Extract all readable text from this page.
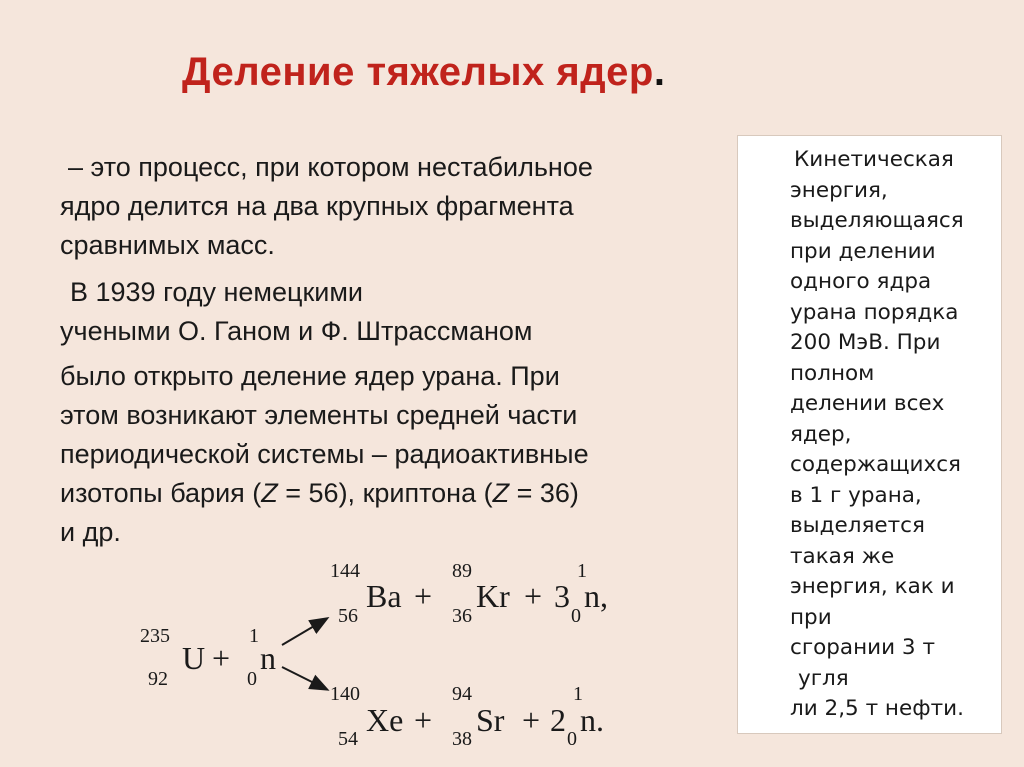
Деление тяжелых ядер.

– это процесс, при котором нестабильное
ядро делится на два крупных фрагмента
сравнимых масс.

В 1939 году немецкими
учеными О. Ганом и Ф. Штрассманом

было открыто деление ядер урана. При
этом возникают элементы средней части
периодической системы – радиоактивные
изотопы бария (Z = 56), криптона (Z = 36)
и др.

Кинетическая
энергия,
выделяющаяся
при делении
одного ядра
урана порядка
200 МэВ. При
полном
делении всех
ядер,
содержащихся
в 1 г урана,
выделяется
такая же
энергия, как и
при
сгорании 3 т
угля
ли 2,5 т нефти.
235
92
U +
1
0
n
144
56
Ba +
89
36
Kr + 3
1
0
n,
140
54
Xe +
94
38
Sr + 2
1
0
n.
